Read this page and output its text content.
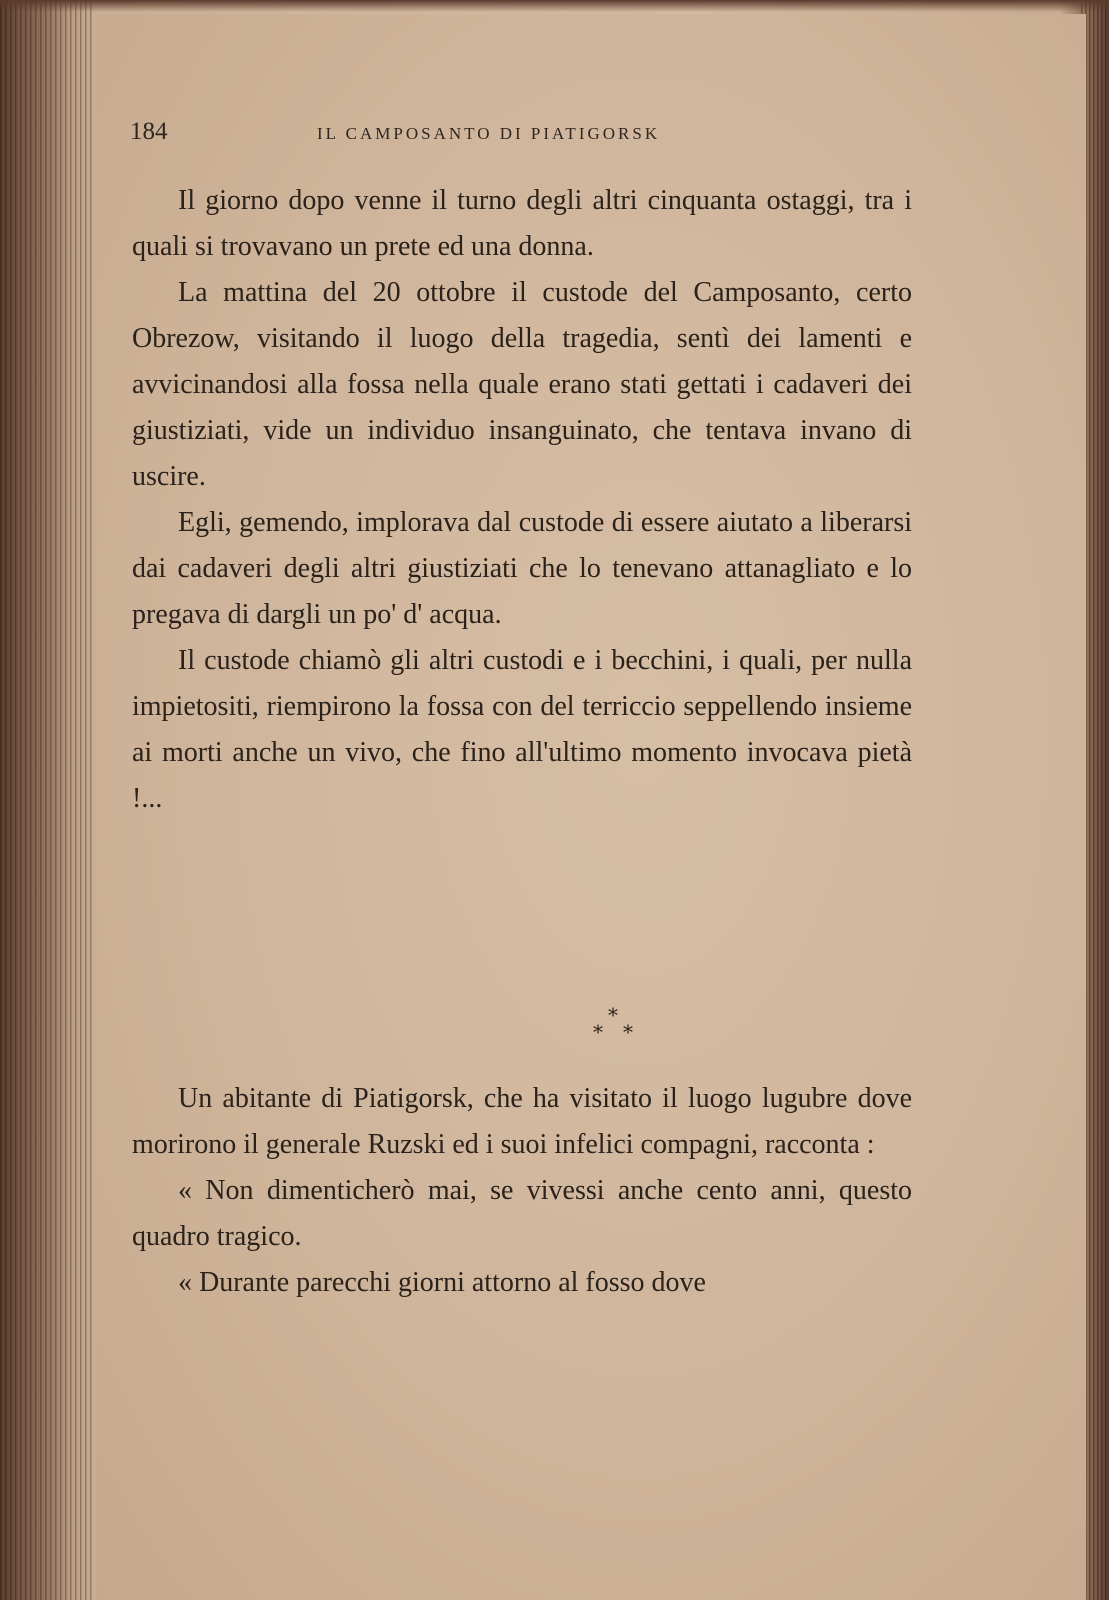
184	IL CAMPOSANTO DI PIATIGORSK

Il giorno dopo venne il turno degli altri cinquanta ostaggi, tra i quali si trovavano un prete ed una donna.

La mattina del 20 ottobre il custode del Camposanto, certo Obrezow, visitando il luogo della tragedia, sentì dei lamenti e avvicinandosi alla fossa nella quale erano stati gettati i cadaveri dei giustiziati, vide un individuo insanguinato, che tentava invano di uscire.

Egli, gemendo, implorava dal custode di essere aiutato a liberarsi dai cadaveri degli altri giustiziati che lo tenevano attanagliato e lo pregava di dargli un po' d' acqua.

Il custode chiamò gli altri custodi e i becchini, i quali, per nulla impietositi, riempirono la fossa con del terriccio seppellendo insieme ai morti anche un vivo, che fino all'ultimo momento invocava pietà !...

*
* *

Un abitante di Piatigorsk, che ha visitato il luogo lugubre dove morirono il generale Ruzski ed i suoi infelici compagni, racconta :

« Non dimenticherò mai, se vivessi anche cento anni, questo quadro tragico.

« Durante parecchi giorni attorno al fosso dove
